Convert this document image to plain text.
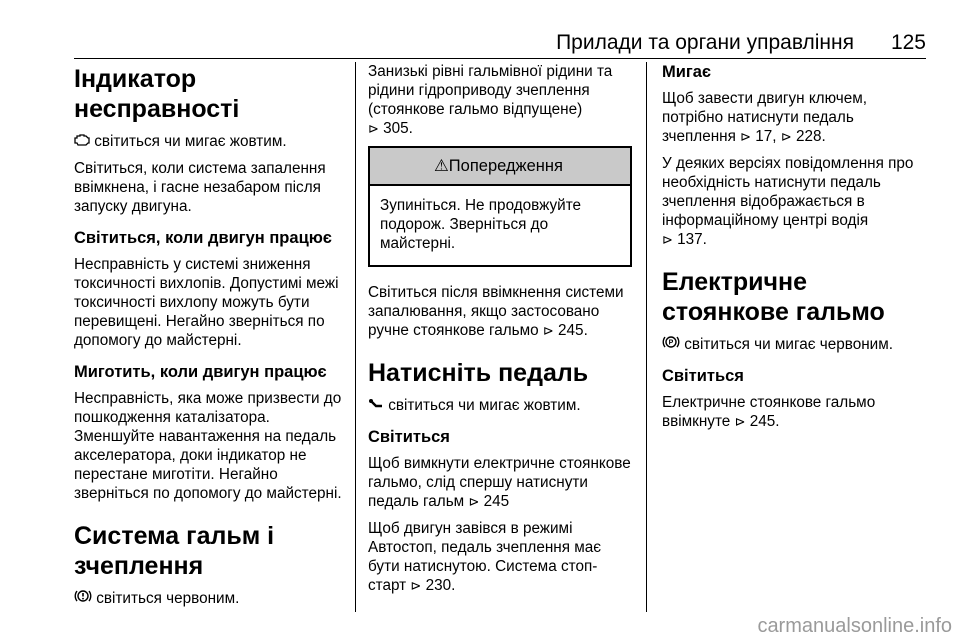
Прилади та органи управління 125
Індикатор несправності

світиться чи мигає жовтим.

Світиться, коли система запалення ввімкнена, і гасне незабаром після запуску двигуна.

Світиться, коли двигун працює

Несправність у системі зниження токсичності вихлопів. Допустимі межі токсичності вихлопу можуть бути перевищені. Негайно зверніться по допомогу до майстерні.

Миготить, коли двигун працює

Несправність, яка може призвести до пошкодження каталізатора. Зменшуйте навантаження на педаль акселератора, доки індикатор не перестане миготіти. Негайно зверніться по допомогу до майстерні.

Система гальм і зчеплення

світиться червоним.

Занизькі рівні гальмівної рідини та рідини гідроприводу зчеплення (стоянкове гальмо відпущене)
⊳ 305.

⚠Попередження
Зупиніться. Не продовжуйте подорож. Зверніться до майстерні.

Світиться після ввімкнення системи запалювання, якщо застосовано ручне стоянкове гальмо ⊳ 245.

Натисніть педаль

світиться чи мигає жовтим.

Світиться

Щоб вимкнути електричне стоянкове гальмо, слід спершу натиснути педаль гальм ⊳ 245

Щоб двигун завівся в режимі Автостоп, педаль зчеплення має бути натиснутою. Система стоп-старт ⊳ 230.

Мигає

Щоб завести двигун ключем, потрібно натиснути педаль зчеплення ⊳ 17, ⊳ 228.

У деяких версіях повідомлення про необхідність натиснути педаль зчеплення відображається в інформаційному центрі водія
⊳ 137.

Електричне стоянкове гальмо

P світиться чи мигає червоним.

Світиться

Електричне стоянкове гальмо ввімкнуте ⊳ 245.

carmanualsonline.info
